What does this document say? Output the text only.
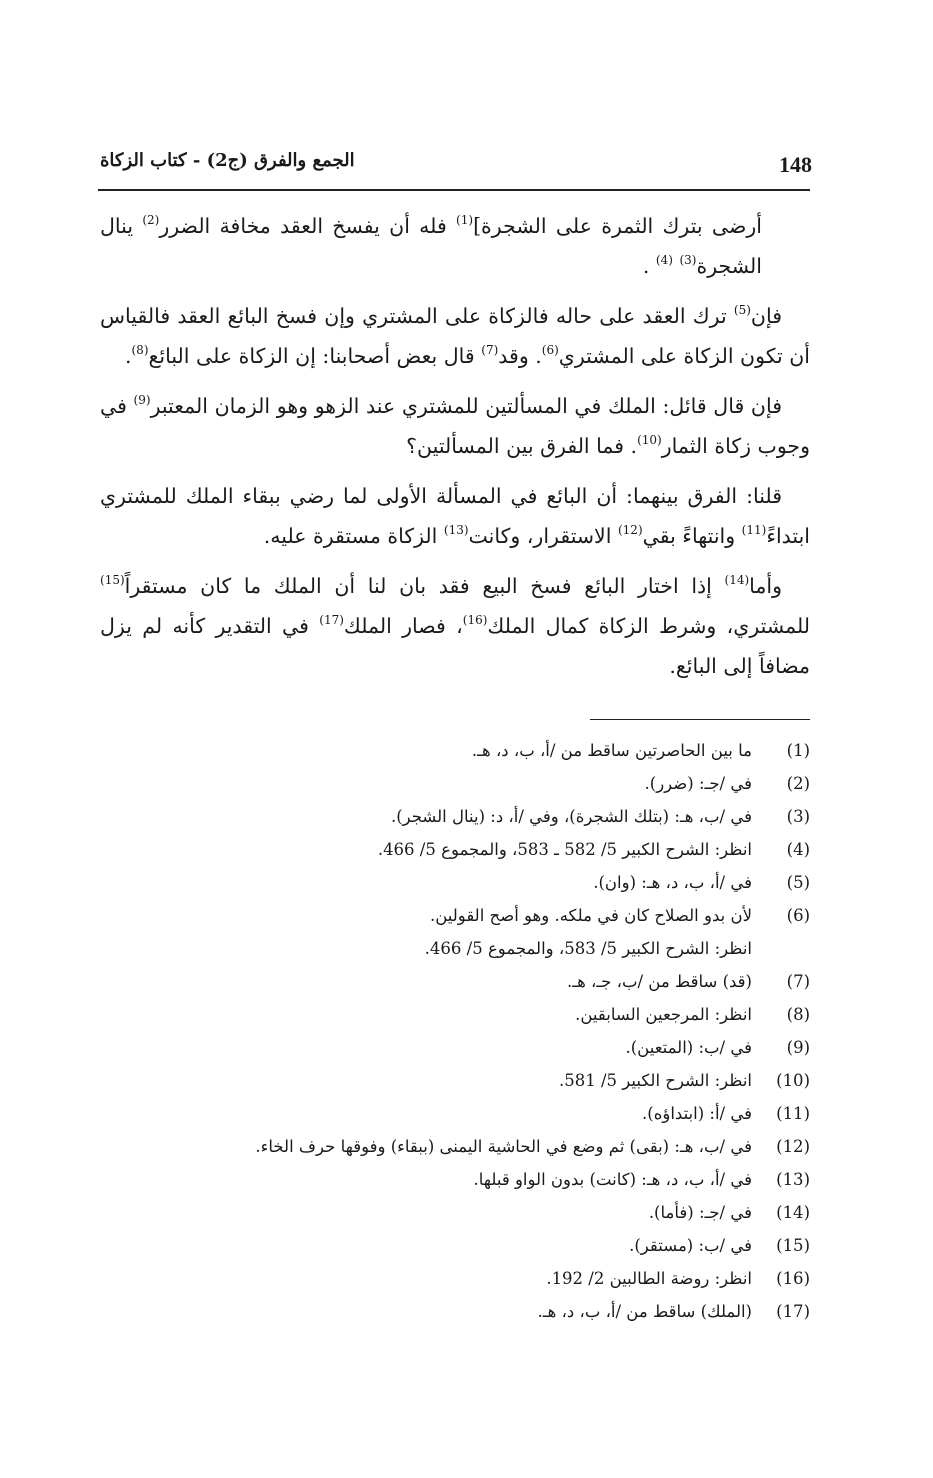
148
الجمع والفرق (ج2) - كتاب الزكاة

أرضى بترك الثمرة على الشجرة]$^{(1)}$ فله أن يفسخ العقد مخافة الضرر$^{(2)}$ ينال الشجرة$^{(3)}$ $^{(4)}$ .

فإن$^{(5)}$ ترك العقد على حاله فالزكاة على المشتري وإن فسخ البائع العقد فالقياس أن تكون الزكاة على المشتري$^{(6)}$. وقد$^{(7)}$ قال بعض أصحابنا: إن الزكاة على البائع$^{(8)}$.

فإن قال قائل: الملك في المسألتين للمشتري عند الزهو وهو الزمان المعتبر$^{(9)}$ في وجوب زكاة الثمار$^{(10)}$. فما الفرق بين المسألتين؟

قلنا: الفرق بينهما: أن البائع في المسألة الأولى لما رضي ببقاء الملك للمشتري ابتداءً$^{(11)}$ وانتهاءً بقي$^{(12)}$ الاستقرار، وكانت$^{(13)}$ الزكاة مستقرة عليه.

وأما$^{(14)}$ إذا اختار البائع فسخ البيع فقد بان لنا أن الملك ما كان مستقراً$^{(15)}$ للمشتري، وشرط الزكاة كمال الملك$^{(16)}$، فصار الملك$^{(17)}$ في التقدير كأنه لم يزل مضافاً إلى البائع.

(1)
ما بين الحاصرتين ساقط من /أ، ب، د، هـ.
(2)
في /جـ: (ضرر).
(3)
في /ب، هـ: (بتلك الشجرة)، وفي /أ، د: (ينال الشجر).
(4)
انظر: الشرح الكبير 5/ 582 ـ 583، والمجموع 5/ 466.
(5)
في /أ، ب، د، هـ: (وان).
(6)
لأن بدو الصلاح كان في ملكه. وهو أصح القولين.
انظر: الشرح الكبير 5/ 583، والمجموع 5/ 466.
(7)
(قد) ساقط من /ب، جـ، هـ.
(8)
انظر: المرجعين السابقين.
(9)
في /ب: (المتعين).
(10)
انظر: الشرح الكبير 5/ 581.
(11)
في /أ: (ابتداؤه).
(12)
في /ب، هـ: (بقى) ثم وضع في الحاشية اليمنى (ببقاء) وفوقها حرف الخاء.
(13)
في /أ، ب، د، هـ: (كانت) بدون الواو قبلها.
(14)
في /جـ: (فأما).
(15)
في /ب: (مستقر).
(16)
انظر: روضة الطالبين 2/ 192.
(17)
(الملك) ساقط من /أ، ب، د، هـ.
